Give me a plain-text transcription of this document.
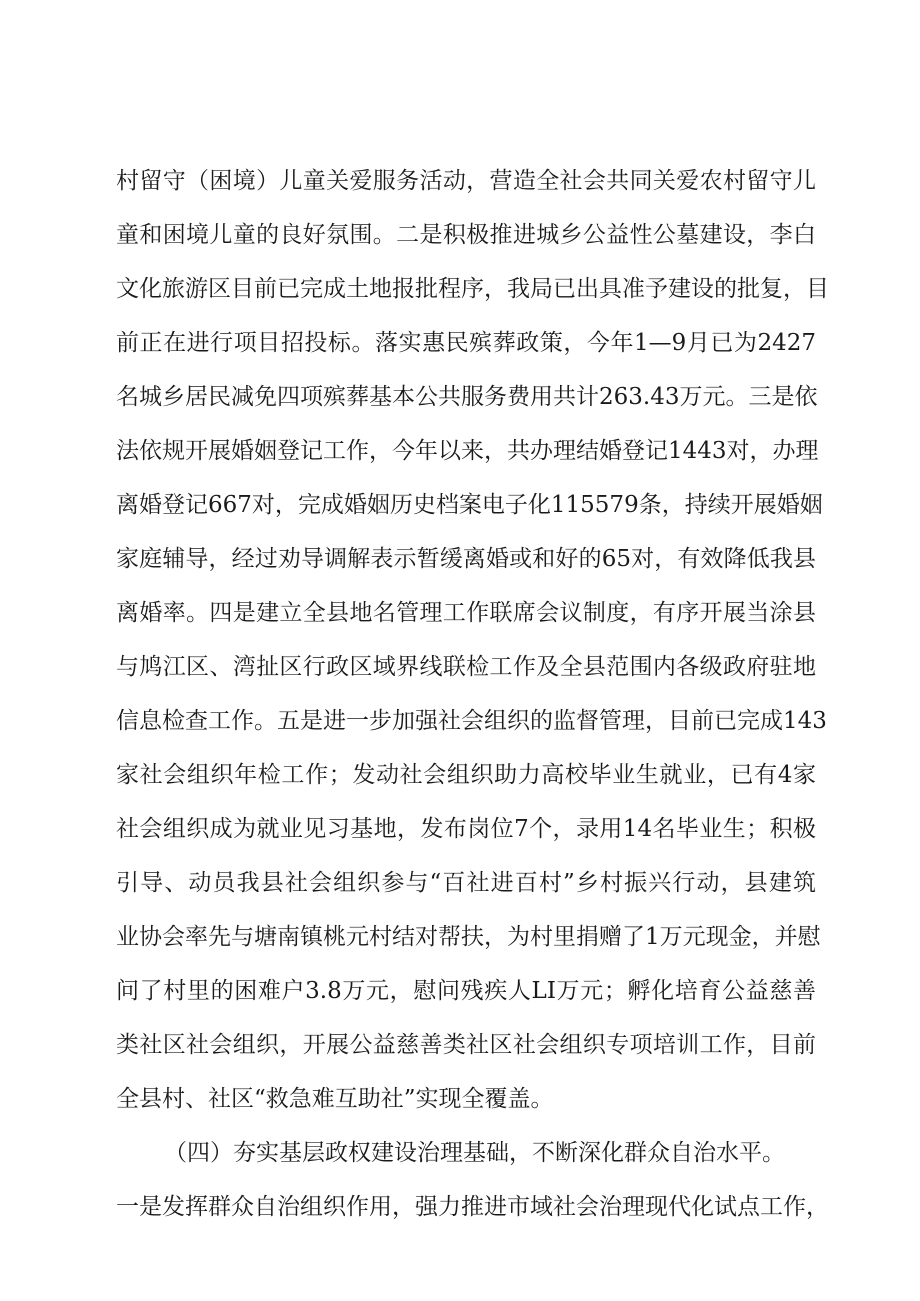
村留守（困境）儿童关爱服务活动，营造全社会共同关爱农村留守儿
童和困境儿童的良好氛围。二是积极推进城乡公益性公墓建设，李白
文化旅游区目前已完成土地报批程序，我局已出具准予建设的批复，目
前正在进行项目招投标。落实惠民殡葬政策，今年1—9月已为2427
名城乡居民减免四项殡葬基本公共服务费用共计263.43万元。三是依
法依规开展婚姻登记工作，今年以来，共办理结婚登记1443对，办理
离婚登记667对，完成婚姻历史档案电子化115579条，持续开展婚姻
家庭辅导，经过劝导调解表示暂缓离婚或和好的65对，有效降低我县
离婚率。四是建立全县地名管理工作联席会议制度，有序开展当涂县
与鸠江区、湾扯区行政区域界线联检工作及全县范围内各级政府驻地
信息检查工作。五是进一步加强社会组织的监督管理，目前已完成143
家社会组织年检工作；发动社会组织助力高校毕业生就业，已有4家
社会组织成为就业见习基地，发布岗位7个，录用14名毕业生；积极
引导、动员我县社会组织参与“百社进百村”乡村振兴行动，县建筑
业协会率先与塘南镇桃元村结对帮扶，为村里捐赠了1万元现金，并慰
问了村里的困难户3.8万元，慰问残疾人LI万元；孵化培育公益慈善
类社区社会组织，开展公益慈善类社区社会组织专项培训工作，目前
全县村、社区“救急难互助社”实现全覆盖。
（四）夯实基层政权建设治理基础，不断深化群众自治水平。
一是发挥群众自治组织作用，强力推进市域社会治理现代化试点工作，
